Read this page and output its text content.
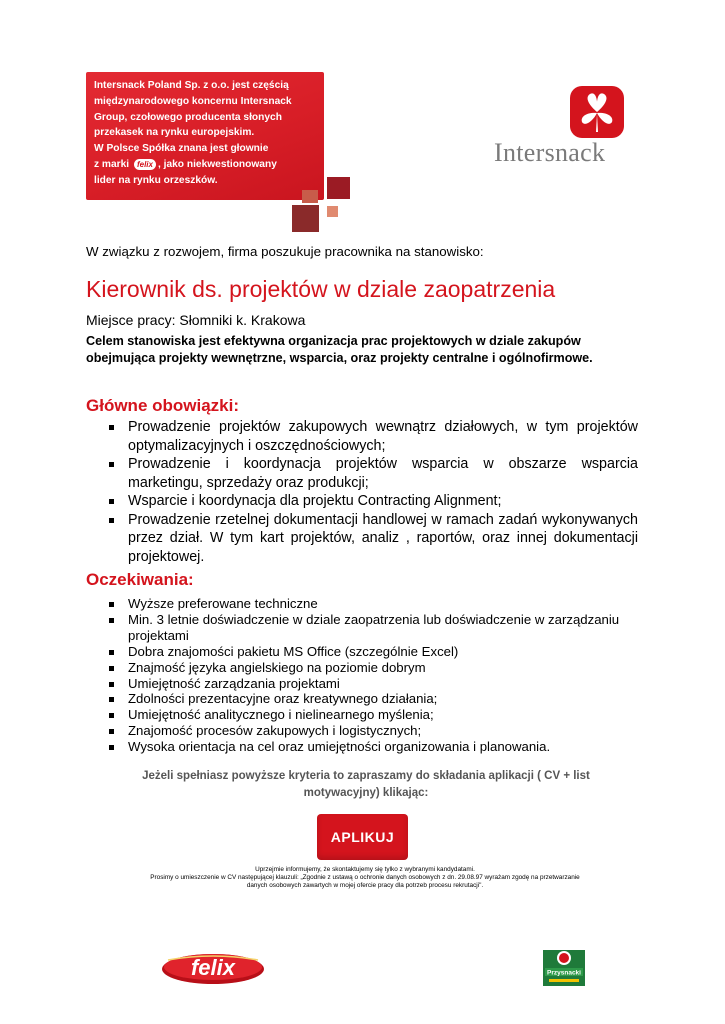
Intersnack Poland Sp. z o.o. jest częścią
międzynarodowego koncernu Intersnack
Group, czołowego producenta słonych
przekasek na rynku europejskim.
W Polsce Spółka znana jest głownie
z marki felix , jako niekwestionowany
lider na rynku orzeszków.
Intersnack
W związku z rozwojem, firma poszukuje pracownika na stanowisko:
Kierownik ds. projektów w dziale zaopatrzenia
Miejsce pracy: Słomniki k. Krakowa
Celem stanowiska jest efektywna organizacja prac projektowych w dziale zakupów
obejmująca projekty wewnętrzne, wsparcia, oraz projekty centralne i ogólnofirmowe.
Główne obowiązki:
Prowadzenie projektów zakupowych wewnątrz działowych, w tym projektów optymalizacyjnych i oszczędnościowych;
Prowadzenie i koordynacja projektów wsparcia w obszarze wsparcia marketingu, sprzedaży oraz produkcji;
Wsparcie i koordynacja dla projektu Contracting Alignment;
Prowadzenie rzetelnej dokumentacji handlowej w ramach zadań wykonywanych przez dział. W tym kart projektów, analiz , raportów, oraz innej dokumentacji projektowej.
Oczekiwania:
Wyższe preferowane techniczne
Min. 3 letnie doświadczenie w dziale zaopatrzenia lub doświadczenie w zarządzaniu projektami
Dobra znajomości pakietu MS Office (szczególnie Excel)
Znajmość języka angielskiego na poziomie dobrym
Umiejętność zarządzania projektami
Zdolności prezentacyjne oraz kreatywnego działania;
Umiejętność analitycznego i nielinearnego myślenia;
Znajomość procesów zakupowych i logistycznych;
Wysoka orientacja na cel oraz umiejętności organizowania i planowania.
Jeżeli spełniasz powyższe kryteria to zapraszamy do składania aplikacji ( CV + list
motywacyjny) klikając:
APLIKUJ
Uprzejmie informujemy, że skontaktujemy się tylko z wybranymi kandydatami.
Prosimy o umieszczenie w CV następującej klauzuli: „Zgodnie z ustawą o ochronie danych osobowych z dn. 29.08.97 wyrażam zgodę na przetwarzanie
danych osobowych zawartych w mojej ofercie pracy dla potrzeb procesu rekrutacji".
felix	Przysnacki
